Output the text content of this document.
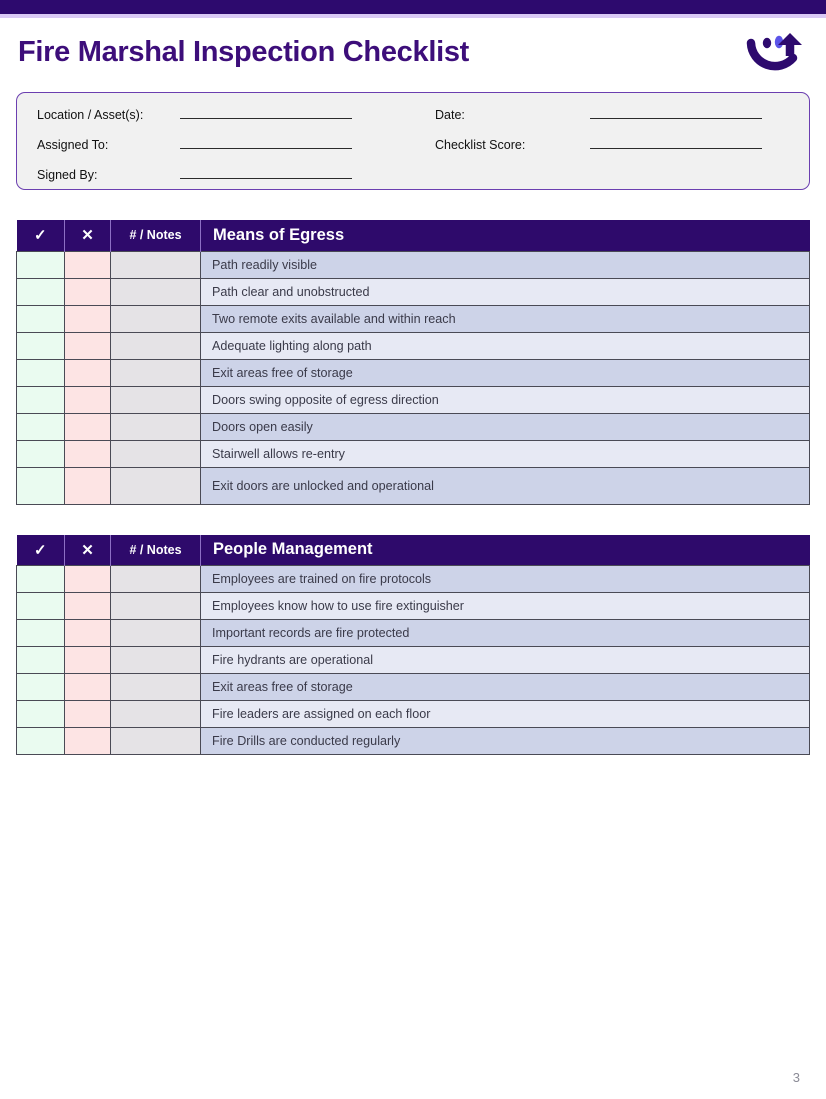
Fire Marshal Inspection Checklist
Location / Asset(s):
Assigned To:
Signed By:
Date:
Checklist Score:
✓	✕	# / Notes	Means of Egress
			Path readily visible
			Path clear and unobstructed
			Two remote exits available and within reach
			Adequate lighting along path
			Exit areas free of storage
			Doors swing opposite of egress direction
			Doors open easily
			Stairwell allows re-entry
			Exit doors are unlocked and operational
✓	✕	# / Notes	People Management
			Employees are trained on fire protocols
			Employees know how to use fire extinguisher
			Important records are fire protected
			Fire hydrants are operational
			Exit areas free of storage
			Fire leaders are assigned on each floor
			Fire Drills are conducted regularly
3
